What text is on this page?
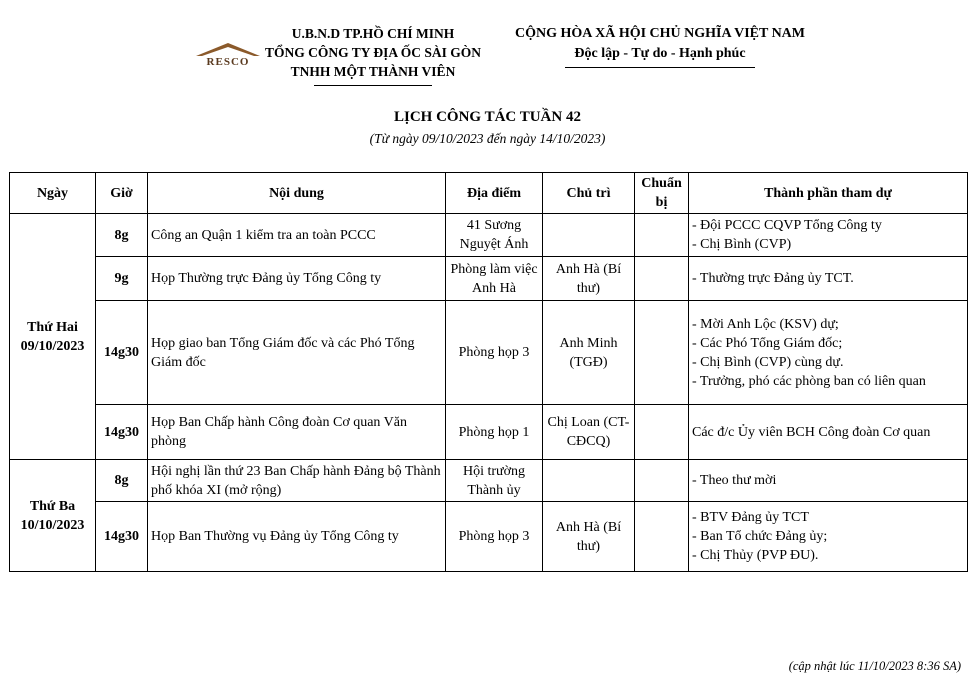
U.B.N.D TP.HỒ CHÍ MINH
TỔNG CÔNG TY ĐỊA ỐC SÀI GÒN
TNHH MỘT THÀNH VIÊN
RESCO
CỘNG HÒA XÃ HỘI CHỦ NGHĨA VIỆT NAM
Độc lập - Tự do - Hạnh phúc
LỊCH CÔNG TÁC TUẦN 42
(Từ ngày 09/10/2023 đến ngày 14/10/2023)
Ngày	Giờ	Nội dung	Địa điểm	Chủ trì	Chuẩn bị	Thành phần tham dự

Thứ Hai
09/10/2023	8g	Công an Quận 1 kiểm tra an toàn PCCC	41 Sương Nguyệt Ánh			- Đội PCCC CQVP Tổng Công ty
- Chị Bình (CVP)

	9g	Họp Thường trực Đảng ủy Tổng Công ty	Phòng làm việc Anh Hà	Anh Hà (Bí thư)		- Thường trực Đảng ủy TCT.

	14g30	Họp giao ban Tổng Giám đốc và các Phó Tổng Giám đốc	Phòng họp 3	Anh Minh (TGĐ)		- Mời Anh Lộc (KSV) dự;
- Các Phó Tổng Giám đốc;
- Chị Bình (CVP) cùng dự.
- Trưởng, phó các phòng ban có liên quan

	14g30	Họp Ban Chấp hành Công đoàn Cơ quan Văn phòng	Phòng họp 1	Chị Loan (CT-CĐCQ)		Các đ/c Ủy viên BCH Công đoàn Cơ quan

Thứ Ba
10/10/2023	8g	Hội nghị lần thứ 23 Ban Chấp hành Đảng bộ Thành phố khóa XI (mở rộng)	Hội trường Thành ủy			- Theo thư mời

	14g30	Họp Ban Thường vụ Đảng ủy Tổng Công ty	Phòng họp 3	Anh Hà (Bí thư)		- BTV Đảng ủy TCT
- Ban Tổ chức Đảng ủy;
- Chị Thủy (PVP ĐU).
(cập nhật lúc 11/10/2023 8:36 SA)
